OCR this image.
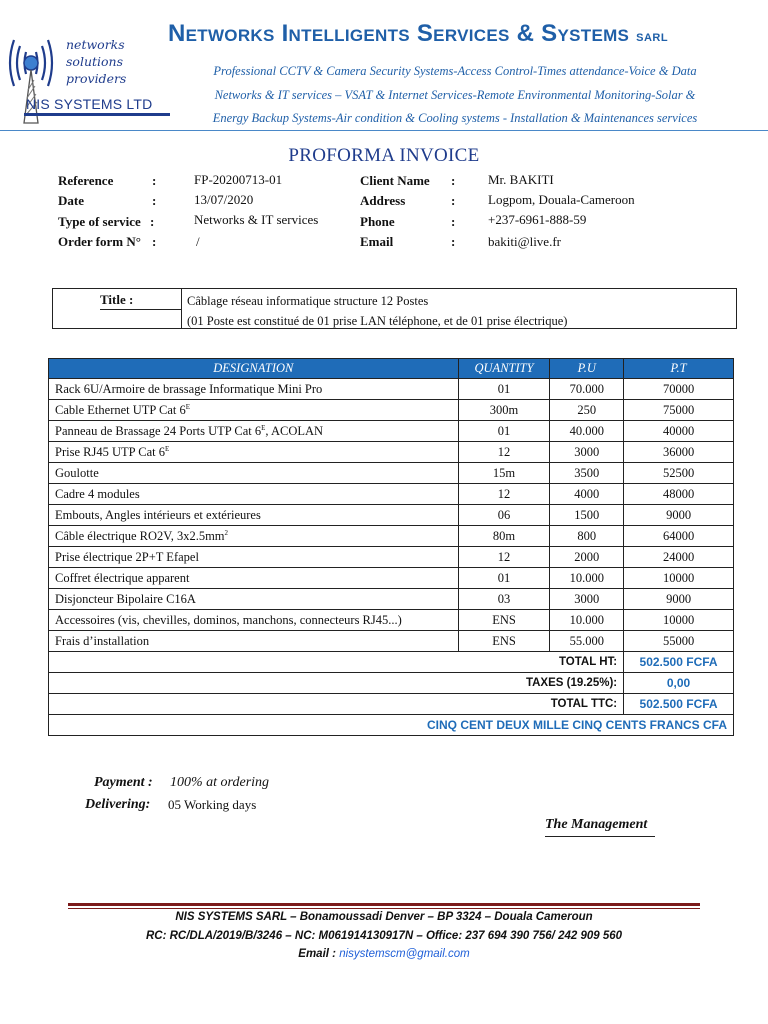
networks
solutions
providers
NIS SYSTEMS LTD
Networks Intelligents Services & Systems SARL
Professional CCTV & Camera Security Systems-Access Control-Times attendance-Voice & Data
Networks & IT services – VSAT & Internet Services-Remote Environmental Monitoring-Solar &
Energy Backup Systems-Air condition & Cooling systems - Installation & Maintenances services
PROFORMA INVOICE
Reference	:	FP-20200713-01
Date	:	13/07/2020
Type of service :	Networks & IT services
Order form N° :	/
Client Name :	Mr. BAKITI
Address	:	Logpom, Douala-Cameroon
Phone	:	+237-6961-888-59
Email	:	bakiti@live.fr
Title :	Câblage réseau informatique structure 12 Postes
(01 Poste est constitué de 01 prise LAN téléphone, et de 01 prise électrique)
DESIGNATION	QUANTITY	P.U	P.T
Rack 6U/Armoire de brassage Informatique Mini Pro	01	70.000	70000
Cable Ethernet UTP Cat $6^E$	300m	250	75000
Panneau de Brassage 24 Ports UTP Cat $6^E$, ACOLAN	01	40.000	40000
Prise RJ45 UTP Cat $6^E$	12	3000	36000
Goulotte	15m	3500	52500
Cadre 4 modules	12	4000	48000
Embouts, Angles intérieurs et extérieures	06	1500	9000
Câble électrique RO2V, $3x2.5mm^2$	80m	800	64000
Prise électrique 2P+T Efapel	12	2000	24000
Coffret électrique apparent	01	10.000	10000
Disjoncteur Bipolaire C16A	03	3000	9000
Accessoires (vis, chevilles, dominos, manchons, connecteurs RJ45...)	ENS	10.000	10000
Frais d’installation	ENS	55.000	55000
TOTAL HT:			502.500 FCFA
TAXES (19.25%):			0,00
TOTAL TTC:			502.500 FCFA
CINQ CENT DEUX MILLE CINQ CENTS FRANCS CFA			
Payment : 100% at ordering
Delivering: 05 Working days
The Management
NIS SYSTEMS SARL – Bonamoussadi Denver – BP 3324 – Douala Cameroun
RC: RC/DLA/2019/B/3246 – NC: M061914130917N – Office: 237 694 390 756/ 242 909 560
Email : nisystemscm@gmail.com
